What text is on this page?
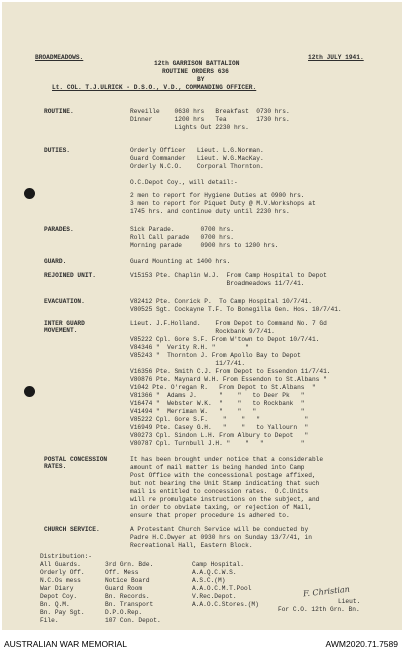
BROADMEADOWS.	12th JULY 1941.
12th GARRISON BATTALION
ROUTINE ORDERS 636
BY
Lt. COL. T.J.ULRICK - D.S.O., V.D., COMMANDING OFFICER.
ROUTINE.	Reveille    0630 hrs   Breakfast  0730 hrs.
Dinner      1200 hrs   Tea        1730 hrs.
Lights Out 2230 hrs.
DUTIES.	Orderly Officer   Lieut. L.G.Norman.
Guard Commander   Lieut. W.G.MacKay.
Orderly N.C.O.    Corporal Thornton.
O.C.Depot Coy., will detail:-
2 men to report for Hygiene Duties at 0900 hrs.
3 men to report for Piquet Duty @ M.V.Workshops at
1745 hrs. and continue duty until 2230 hrs.
PARADES.	Sick Parade.       0700 hrs.
Roll Call parade   0700 hrs.
Morning parade     0900 hrs to 1200 hrs.
GUARD.	Guard Mounting at 1400 hrs.
REJOINED UNIT.	V15153 Pte. Chaplin W.J.  From Camp Hospital to Depot
Broadmeadows 11/7/41.
EVACUATION.	V82412 Pte. Conrick P.  To Camp Hospital 10/7/41.
V80525 Sgt. Cockayne T.F. To Bonegilla Gen. Hos. 10/7/41.
INTER GUARD
MOVEMENT.
Lieut. J.F.Holland.    From Depot to Command No. 7 Gd
Rockbank 9/7/41.
V85222 Cpl. Gore S.F. From W'town to Depot 10/7/41.
V84346 "  Verity R.H. "        "
V85243 "  Thornton J. From Apollo Bay to Depot
11/7/41.
V16356 Pte. Smith C.J. From Depot to Essendon 11/7/41.
V80876 Pte. Maynard W.H. From Essendon to St.Albans "
V1042 Pte. O'regan R.   From Depot to St.Albans  "
V81366 "  Adams J.      "    "   to Deer Pk   "
V16474 "  Webster W.K.  "    "   to Rockbank  "
V41494 "  Merriman W.   "    "   "            "
V85222 Cpl. Gore S.F.    "    "   "            "
V16949 Pte. Casey G.H.   "    "   to Yallourn  "
V80273 Cpl. Sindon L.H. From Albury to Depot   "
V80787 Cpl. Turnbull J.H. "    "   "          "
POSTAL CONCESSION
RATES.
It has been brought under notice that a considerable
amount of mail matter is being handed into Camp
Post Office with the concessional postage affixed,
but not bearing the Unit Stamp indicating that such
mail is entitled to concession rates.  O.C.Units
will re promulgate instructions on the subject, and
in order to obviate taxing, or rejection of Mail,
ensure that proper procedure is adhered to.
CHURCH SERVICE.	A Protestant Church Service will be conducted by
Padre H.C.Dwyer at 0930 hrs on Sunday 13/7/41, in
Recreational Hall, Eastern Block.
Distribution:-
All Guards.
Orderly Off.
N.C.Os mess
War Diary
Depot Coy.
Bn. Q.M.
Bn. Pay Sgt.
File.
3rd Grn. Bde.
Off. Mess
Notice Board
Guard Room
Bn. Records.
Bn. Transport
D.P.O.Rep.
107 Con. Depot.
Camp Hospital.
A.A.Q.C.W.S.
A.S.C.(M)
A.A.O.C.M.T.Pool
V.Rec.Depot.
A.A.O.C.Stores.(M)
F. Christian
Lieut.
For C.O. 12th Grn. Bn.
AUSTRALIAN WAR MEMORIAL	AWM2020.71.7589
